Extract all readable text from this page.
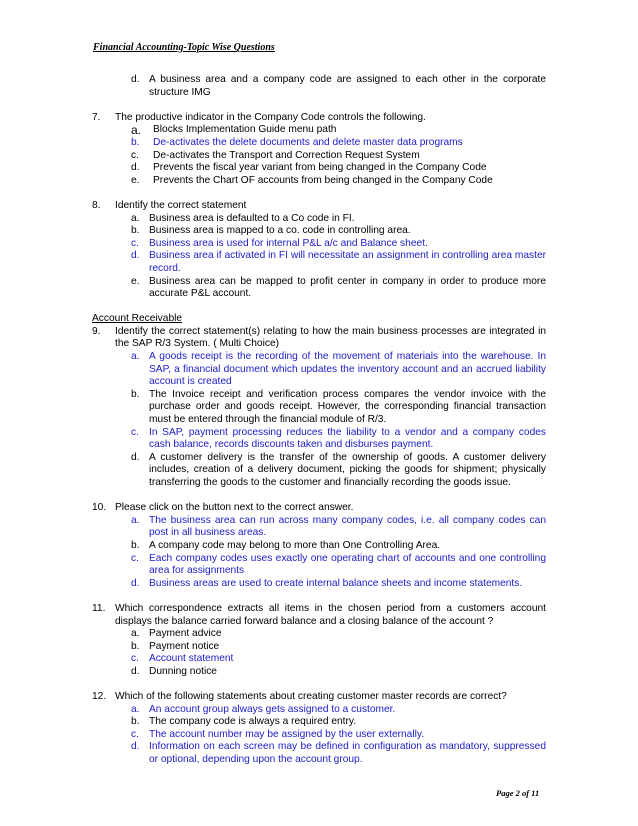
Financial Accounting-Topic Wise Questions
d. A business area and a company code are assigned to each other in the corporate structure IMG
7. The productive indicator in the Company Code controls the following.
a. Blocks Implementation Guide menu path
b. De-activates the delete documents and delete master data programs
c. De-activates the Transport and Correction Request System
d. Prevents the fiscal year variant from being changed in the Company Code
e. Prevents the Chart OF accounts from being changed in the Company Code
8. Identify the correct statement
a. Business area is defaulted to a Co code in FI.
b. Business area is mapped to a co. code in controlling area.
c. Business area is used for internal P&L a/c and Balance sheet.
d. Business area if activated in FI will necessitate an assignment in controlling area master record.
e. Business area can be mapped to profit center in company in order to produce more accurate P&L account.
Account Receivable
9. Identify the correct statement(s) relating to how the main business processes are integrated in the SAP R/3 System. ( Multi Choice)
a. A goods receipt is the recording of the movement of materials into the warehouse. In SAP, a financial document which updates the inventory account and an accrued liability account is created
b. The Invoice receipt and verification process compares the vendor invoice with the purchase order and goods receipt. However, the corresponding financial transaction must be entered through the financial module of R/3.
c. In SAP, payment processing reduces the liability to a vendor and a company codes cash balance, records discounts taken and disburses payment.
d. A customer delivery is the transfer of the ownership of goods. A customer delivery includes, creation of a delivery document, picking the goods for shipment; physically transferring the goods to the customer and financially recording the goods issue.
10. Please click on the button next to the correct answer.
a. The business area can run across many company codes, i.e. all company codes can post in all business areas.
b. A company code may belong to more than One Controlling Area.
c. Each company codes uses exactly one operating chart of accounts and one controlling area for assignments
d. Business areas are used to create internal balance sheets and income statements.
11. Which correspondence extracts all items in the chosen period from a customers account displays the balance carried forward balance and a closing balance of the account ?
a. Payment advice
b. Payment notice
c. Account statement
d. Dunning notice
12. Which of the following statements about creating customer master records are correct?
a. An account group always gets assigned to a customer.
b. The company code is always a required entry.
c. The account number may be assigned by the user externally.
d. Information on each screen may be defined in configuration as mandatory, suppressed or optional, depending upon the account group.
Page 2 of 11
